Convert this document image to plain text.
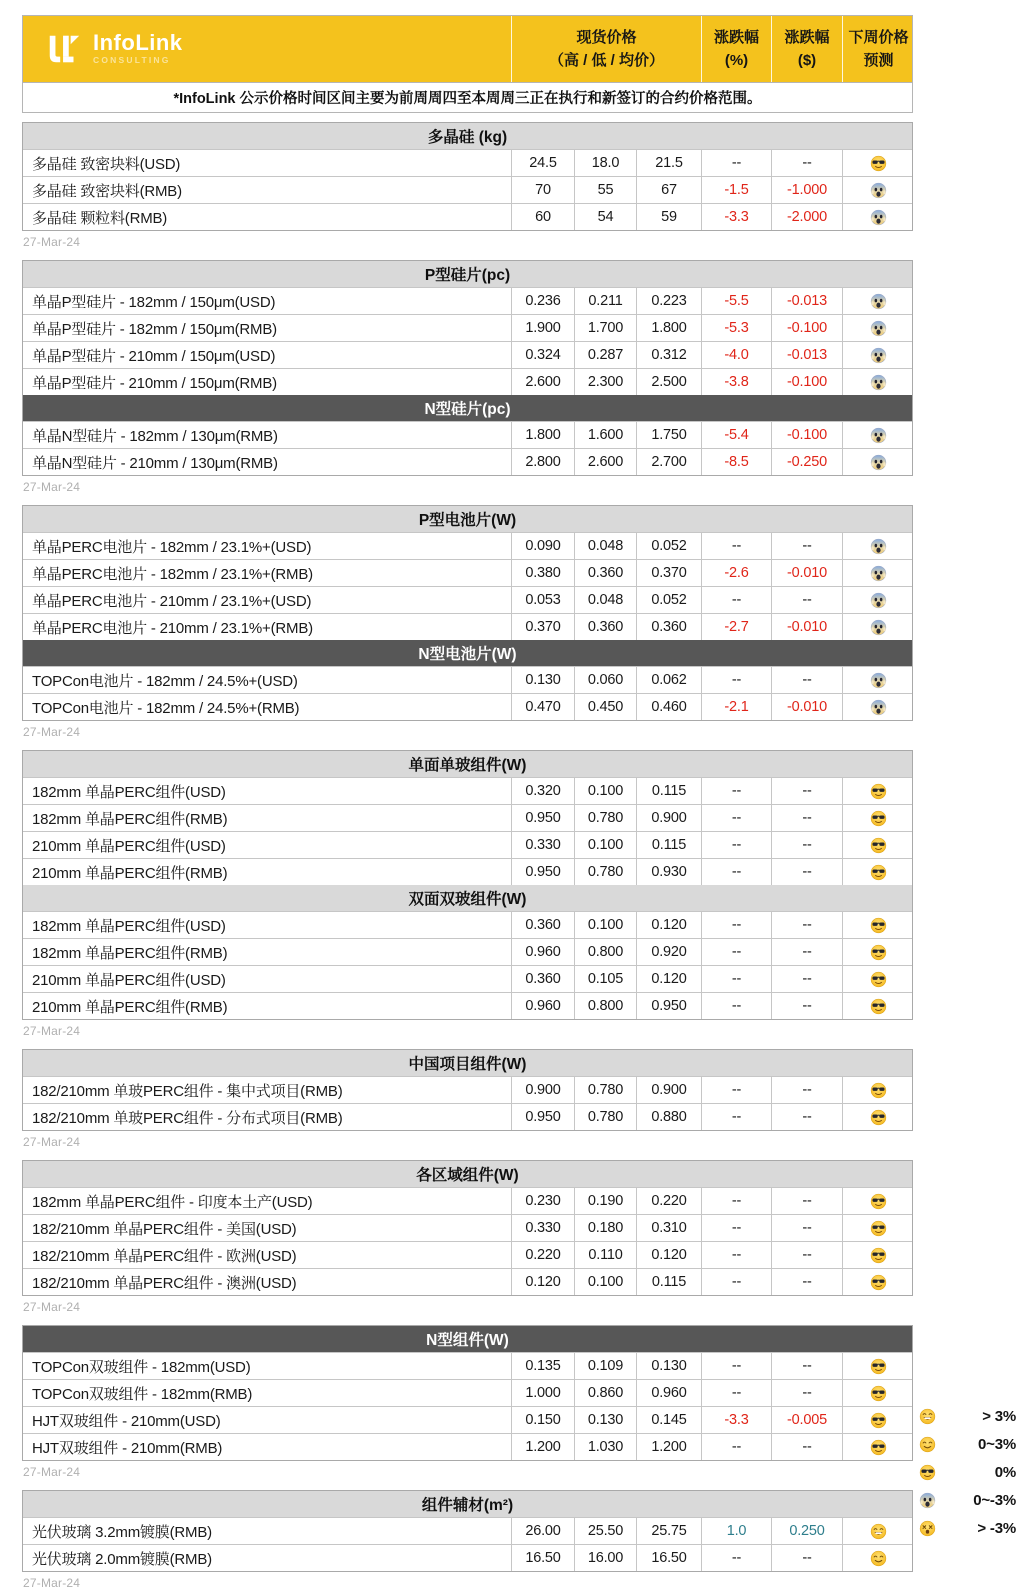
InfoLink
CONSULTING
现货价格
（高 / 低 / 均价）
涨跌幅
(%)
涨跌幅
($)
下周价格
预测
*InfoLink 公示价格时间区间主要为前周周四至本周周三正在执行和新签订的合约价格范围。
多晶硅 (kg)
多晶硅 致密块料(USD)	24.5	18.0	21.5	--	--
多晶硅 致密块料(RMB)	70	55	67	-1.5	-1.000
多晶硅 颗粒料(RMB)	60	54	59	-3.3	-2.000
27-Mar-24
P型硅片(pc)
单晶P型硅片 - 182mm / 150μm(USD)	0.236	0.211	0.223	-5.5	-0.013
单晶P型硅片 - 182mm / 150μm(RMB)	1.900	1.700	1.800	-5.3	-0.100
单晶P型硅片 - 210mm / 150μm(USD)	0.324	0.287	0.312	-4.0	-0.013
单晶P型硅片 - 210mm / 150μm(RMB)	2.600	2.300	2.500	-3.8	-0.100
N型硅片(pc)
单晶N型硅片 - 182mm / 130μm(RMB)	1.800	1.600	1.750	-5.4	-0.100
单晶N型硅片 - 210mm / 130μm(RMB)	2.800	2.600	2.700	-8.5	-0.250
27-Mar-24
P型电池片(W)
单晶PERC电池片 - 182mm / 23.1%+(USD)	0.090	0.048	0.052	--	--
单晶PERC电池片 - 182mm / 23.1%+(RMB)	0.380	0.360	0.370	-2.6	-0.010
单晶PERC电池片 - 210mm / 23.1%+(USD)	0.053	0.048	0.052	--	--
单晶PERC电池片 - 210mm / 23.1%+(RMB)	0.370	0.360	0.360	-2.7	-0.010
N型电池片(W)
TOPCon电池片 - 182mm / 24.5%+(USD)	0.130	0.060	0.062	--	--
TOPCon电池片 - 182mm / 24.5%+(RMB)	0.470	0.450	0.460	-2.1	-0.010
27-Mar-24
单面单玻组件(W)
182mm 单晶PERC组件(USD)	0.320	0.100	0.115	--	--
182mm 单晶PERC组件(RMB)	0.950	0.780	0.900	--	--
210mm 单晶PERC组件(USD)	0.330	0.100	0.115	--	--
210mm 单晶PERC组件(RMB)	0.950	0.780	0.930	--	--
双面双玻组件(W)
182mm 单晶PERC组件(USD)	0.360	0.100	0.120	--	--
182mm 单晶PERC组件(RMB)	0.960	0.800	0.920	--	--
210mm 单晶PERC组件(USD)	0.360	0.105	0.120	--	--
210mm 单晶PERC组件(RMB)	0.960	0.800	0.950	--	--
27-Mar-24
中国项目组件(W)
182/210mm 单玻PERC组件 - 集中式项目(RMB)	0.900	0.780	0.900	--	--
182/210mm 单玻PERC组件 - 分布式项目(RMB)	0.950	0.780	0.880	--	--
27-Mar-24
各区域组件(W)
182mm 单晶PERC组件 - 印度本土产(USD)	0.230	0.190	0.220	--	--
182/210mm 单晶PERC组件 - 美国(USD)	0.330	0.180	0.310	--	--
182/210mm 单晶PERC组件 - 欧洲(USD)	0.220	0.110	0.120	--	--
182/210mm 单晶PERC组件 - 澳洲(USD)	0.120	0.100	0.115	--	--
27-Mar-24
N型组件(W)
TOPCon双玻组件 - 182mm(USD)	0.135	0.109	0.130	--	--
TOPCon双玻组件 - 182mm(RMB)	1.000	0.860	0.960	--	--
HJT双玻组件 - 210mm(USD)	0.150	0.130	0.145	-3.3	-0.005
HJT双玻组件 - 210mm(RMB)	1.200	1.030	1.200	--	--
27-Mar-24
组件辅材(m²)
光伏玻璃 3.2mm镀膜(RMB)	26.00	25.50	25.75	1.0	0.250
光伏玻璃 2.0mm镀膜(RMB)	16.50	16.00	16.50	--	--
27-Mar-24
> 3%
0~3%
0%
0~-3%
> -3%
